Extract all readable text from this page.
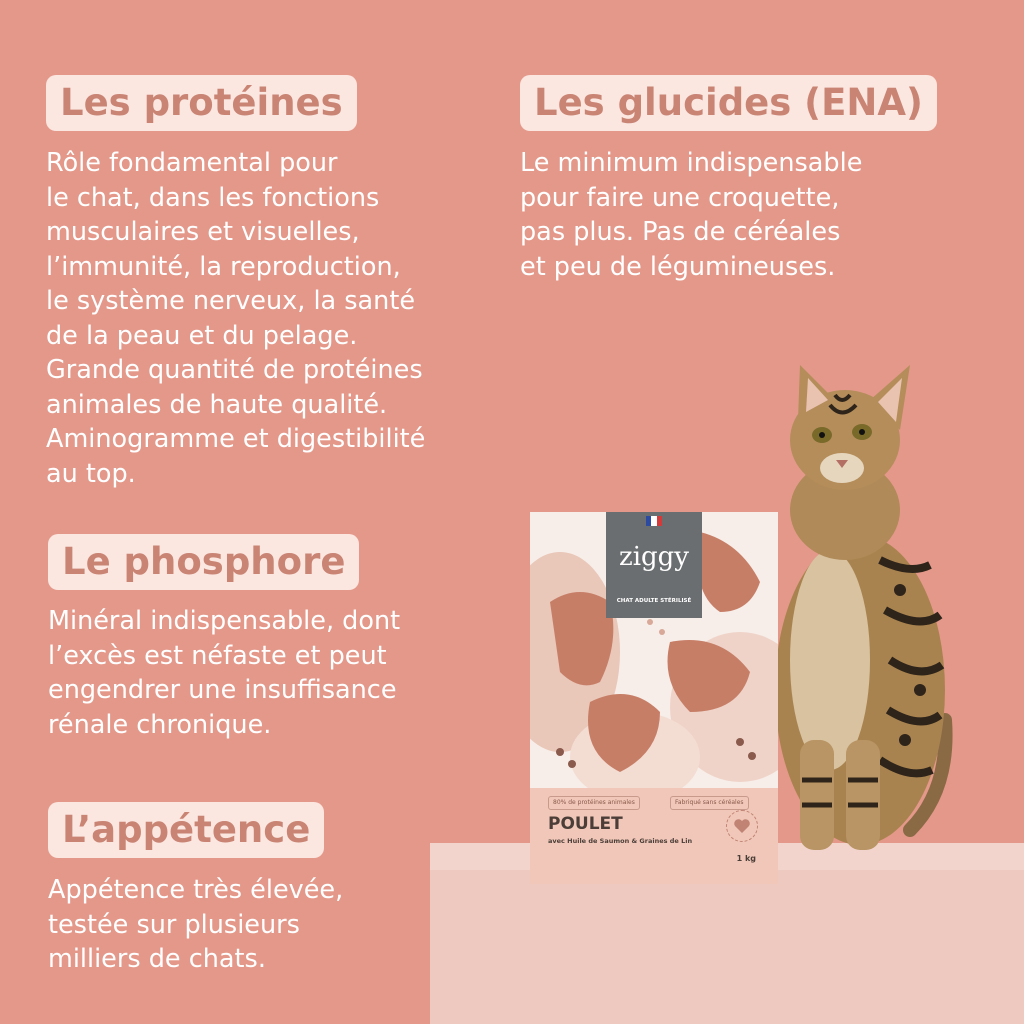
Les protéines
Rôle fondamental pour
le chat, dans les fonctions
musculaires et visuelles,
l’immunité, la reproduction,
le système nerveux, la santé
de la peau et du pelage.
Grande quantité de protéines
animales de haute qualité.
Aminogramme et digestibilité
au top.
Les glucides (ENA)
Le minimum indispensable
pour faire une croquette,
pas plus. Pas de céréales
et peu de légumineuses.
Le phosphore
Minéral indispensable, dont
l’excès est néfaste et peut
engendrer une insuffisance
rénale chronique.
L’appétence
Appétence très élevée,
testée sur plusieurs
milliers de chats.
ziggy
CHAT ADULTE STÉRILISÉ
80% de protéines animales	Fabriqué sans céréales
POULET
avec Huile de Saumon & Graines de Lin
1 kg
